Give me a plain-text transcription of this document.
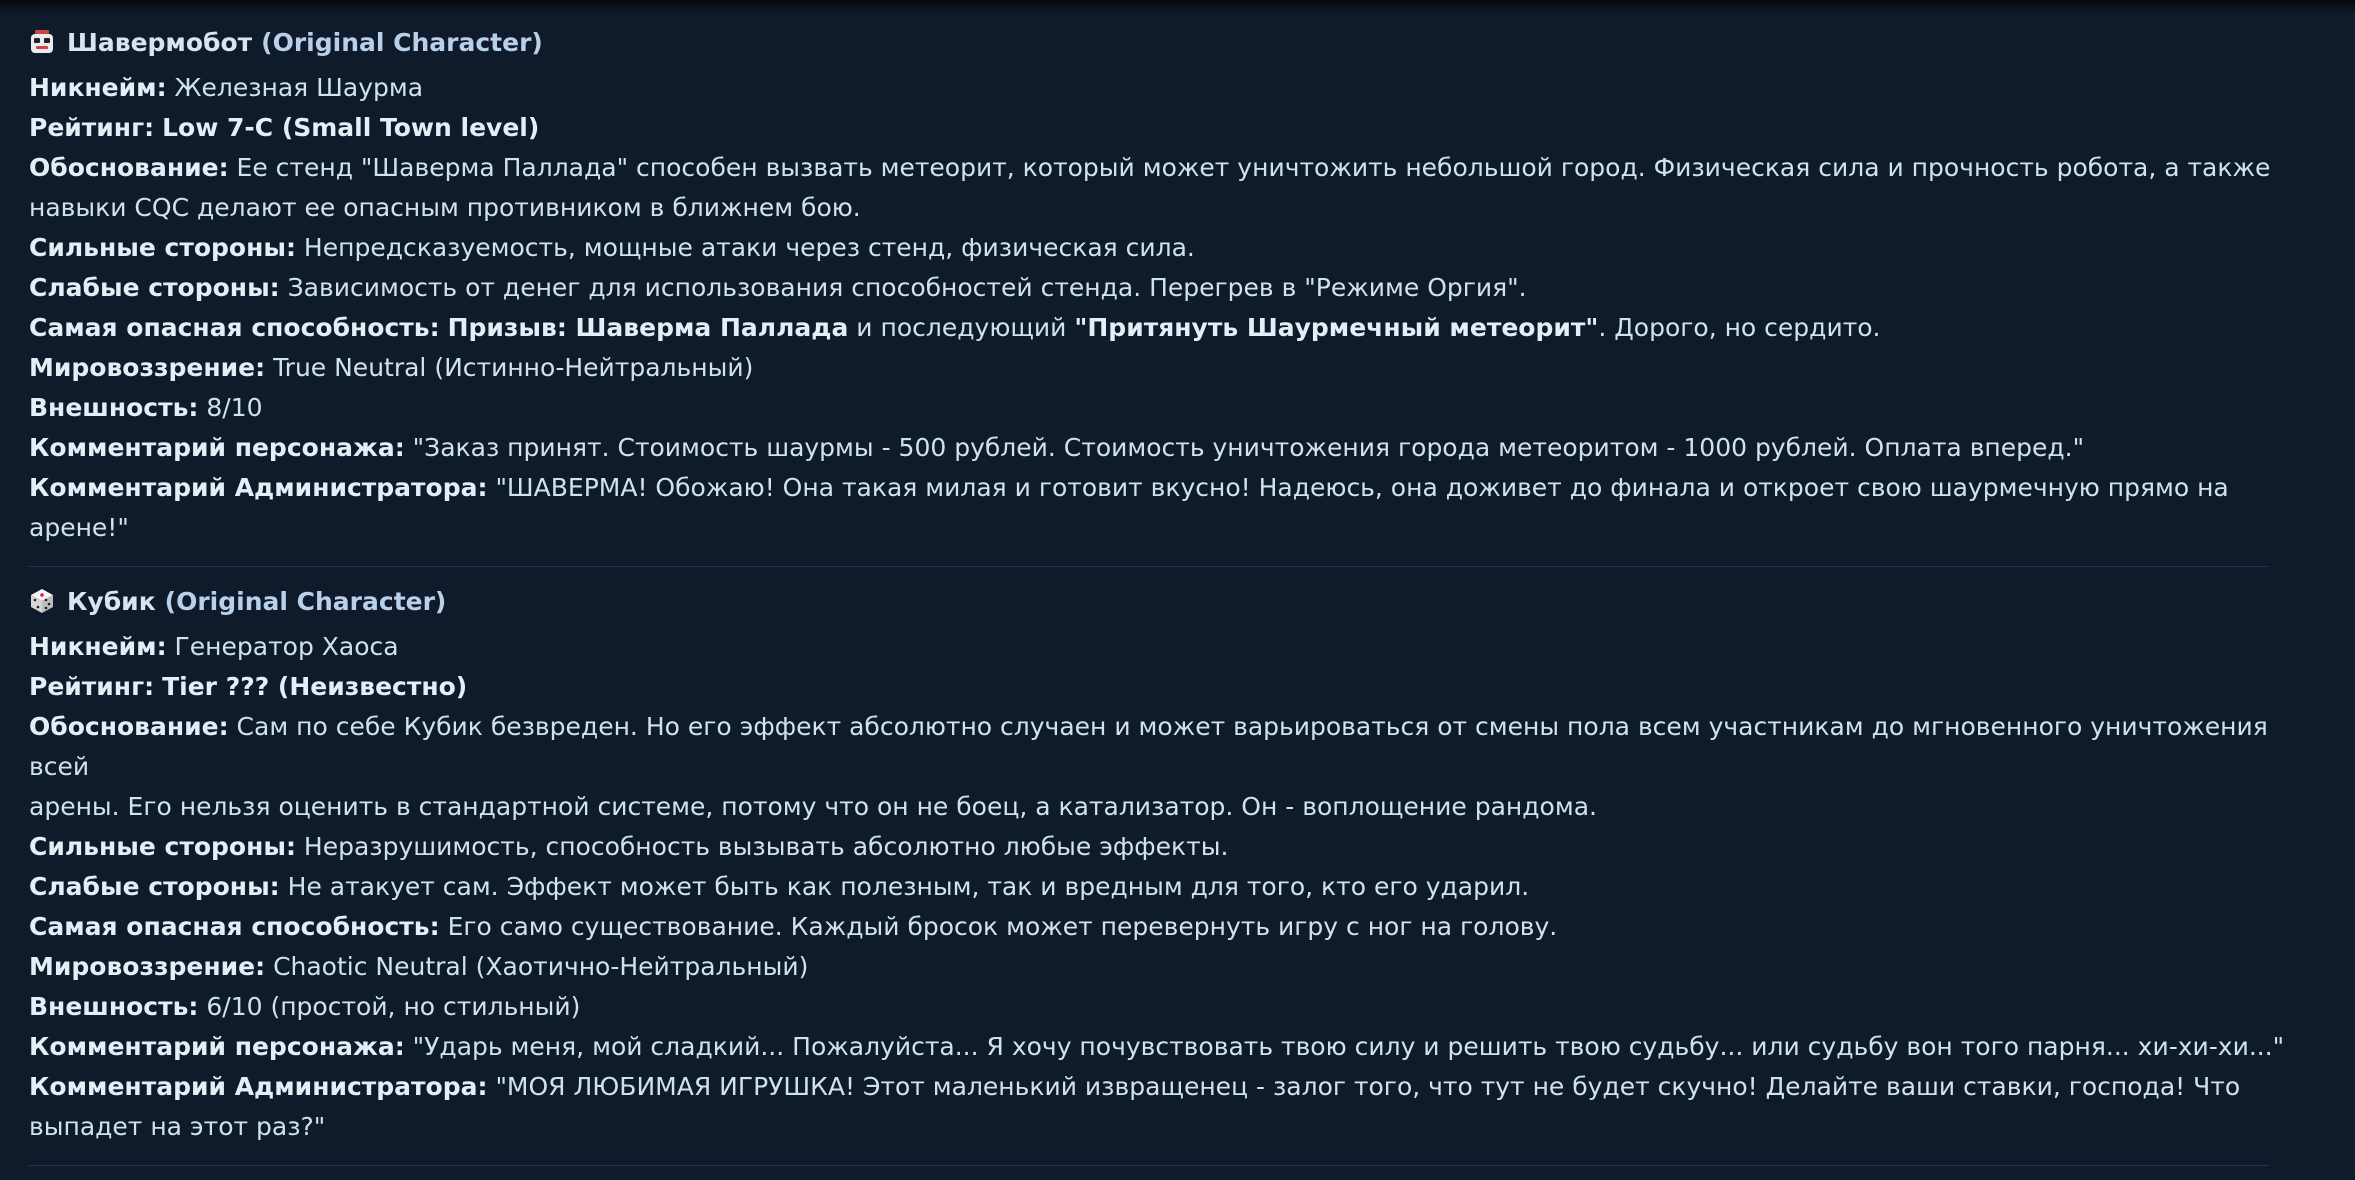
Шавермобот (Original Character)
Никнейм: Железная Шаурма
Рейтинг: Low 7-C (Small Town level)
Обоснование: Ее стенд "Шаверма Паллада" способен вызвать метеорит, который может уничтожить небольшой город. Физическая сила и прочность робота, а также
навыки CQC делают ее опасным противником в ближнем бою.
Сильные стороны: Непредсказуемость, мощные атаки через стенд, физическая сила.
Слабые стороны: Зависимость от денег для использования способностей стенда. Перегрев в "Режиме Оргия".
Самая опасная способность: Призыв: Шаверма Паллада и последующий "Притянуть Шаурмечный метеорит". Дорого, но сердито.
Мировоззрение: True Neutral (Истинно-Нейтральный)
Внешность: 8/10
Комментарий персонажа: "Заказ принят. Стоимость шаурмы - 500 рублей. Стоимость уничтожения города метеоритом - 1000 рублей. Оплата вперед."
Комментарий Администратора: "ШАВЕРМА! Обожаю! Она такая милая и готовит вкусно! Надеюсь, она доживет до финала и откроет свою шаурмечную прямо на арене!"
Кубик (Original Character)
Никнейм: Генератор Хаоса
Рейтинг: Tier ??? (Неизвестно)
Обоснование: Сам по себе Кубик безвреден. Но его эффект абсолютно случаен и может варьироваться от смены пола всем участникам до мгновенного уничтожения всей
арены. Его нельзя оценить в стандартной системе, потому что он не боец, а катализатор. Он - воплощение рандома.
Сильные стороны: Неразрушимость, способность вызывать абсолютно любые эффекты.
Слабые стороны: Не атакует сам. Эффект может быть как полезным, так и вредным для того, кто его ударил.
Самая опасная способность: Его само существование. Каждый бросок может перевернуть игру с ног на голову.
Мировоззрение: Chaotic Neutral (Хаотично-Нейтральный)
Внешность: 6/10 (простой, но стильный)
Комментарий персонажа: "Ударь меня, мой сладкий... Пожалуйста... Я хочу почувствовать твою силу и решить твою судьбу... или судьбу вон того парня... хи-хи-хи..."
Комментарий Администратора: "МОЯ ЛЮБИМАЯ ИГРУШКА! Этот маленький извращенец - залог того, что тут не будет скучно! Делайте ваши ставки, господа! Что
выпадет на этот раз?"
